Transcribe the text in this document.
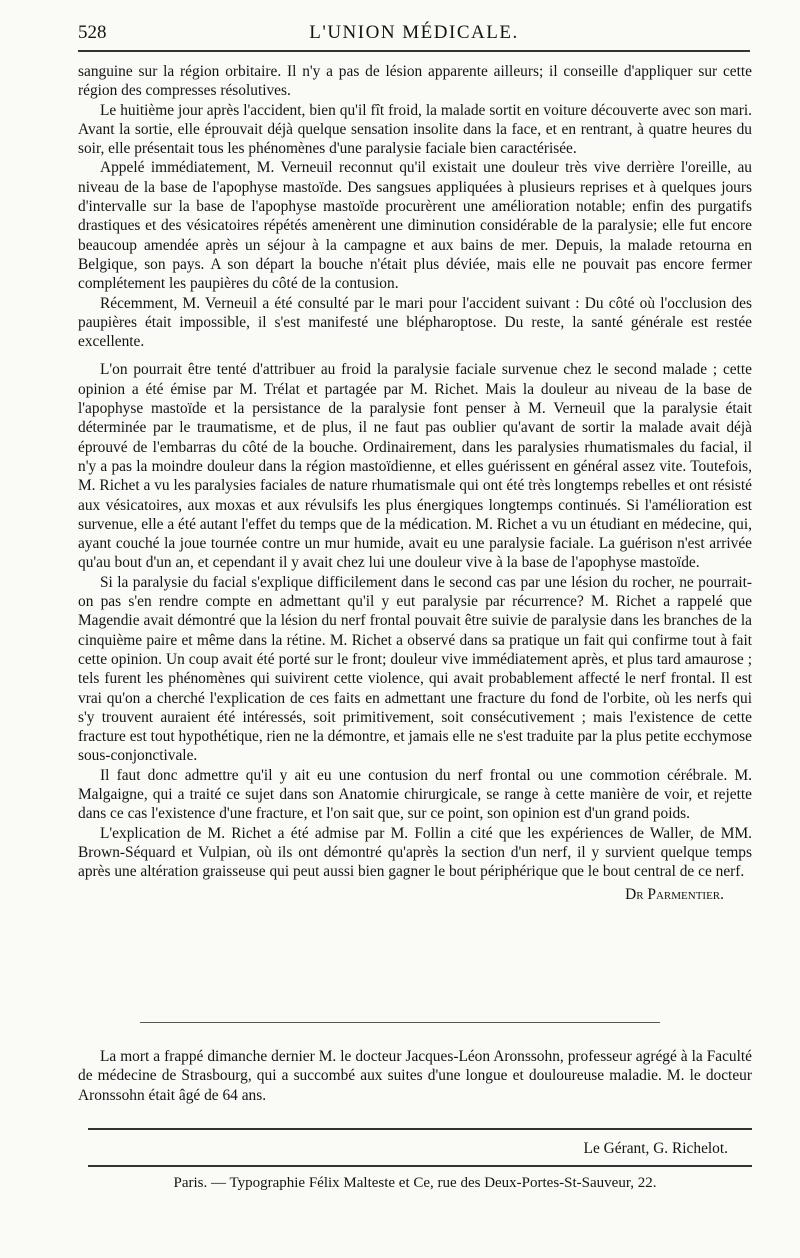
528	L'UNION MÉDICALE.

sanguine sur la région orbitaire. Il n'y a pas de lésion apparente ailleurs; il conseille d'appliquer sur cette région des compresses résolutives.

Le huitième jour après l'accident, bien qu'il fît froid, la malade sortit en voiture découverte avec son mari. Avant la sortie, elle éprouvait déjà quelque sensation insolite dans la face, et en rentrant, à quatre heures du soir, elle présentait tous les phénomènes d'une paralysie faciale bien caractérisée.

Appelé immédiatement, M. Verneuil reconnut qu'il existait une douleur très vive derrière l'oreille, au niveau de la base de l'apophyse mastoïde. Des sangsues appliquées à plusieurs reprises et à quelques jours d'intervalle sur la base de l'apophyse mastoïde procurèrent une amélioration notable; enfin des purgatifs drastiques et des vésicatoires répétés amenèrent une diminution considérable de la paralysie; elle fut encore beaucoup amendée après un séjour à la campagne et aux bains de mer. Depuis, la malade retourna en Belgique, son pays. A son départ la bouche n'était plus déviée, mais elle ne pouvait pas encore fermer complétement les paupières du côté de la contusion.

Récemment, M. Verneuil a été consulté par le mari pour l'accident suivant : Du côté où l'occlusion des paupières était impossible, il s'est manifesté une blépharoptose. Du reste, la santé générale est restée excellente.

L'on pourrait être tenté d'attribuer au froid la paralysie faciale survenue chez le second malade ; cette opinion a été émise par M. Trélat et partagée par M. Richet. Mais la douleur au niveau de la base de l'apophyse mastoïde et la persistance de la paralysie font penser à M. Verneuil que la paralysie était déterminée par le traumatisme, et de plus, il ne faut pas oublier qu'avant de sortir la malade avait déjà éprouvé de l'embarras du côté de la bouche. Ordinairement, dans les paralysies rhumatismales du facial, il n'y a pas la moindre douleur dans la région mastoïdienne, et elles guérissent en général assez vite. Toutefois, M. Richet a vu les paralysies faciales de nature rhumatismale qui ont été très longtemps rebelles et ont résisté aux vésicatoires, aux moxas et aux révulsifs les plus énergiques longtemps continués. Si l'amélioration est survenue, elle a été autant l'effet du temps que de la médication. M. Richet a vu un étudiant en médecine, qui, ayant couché la joue tournée contre un mur humide, avait eu une paralysie faciale. La guérison n'est arrivée qu'au bout d'un an, et cependant il y avait chez lui une douleur vive à la base de l'apophyse mastoïde.

Si la paralysie du facial s'explique difficilement dans le second cas par une lésion du rocher, ne pourrait-on pas s'en rendre compte en admettant qu'il y eut paralysie par récurrence? M. Richet a rappelé que Magendie avait démontré que la lésion du nerf frontal pouvait être suivie de paralysie dans les branches de la cinquième paire et même dans la rétine. M. Richet a observé dans sa pratique un fait qui confirme tout à fait cette opinion. Un coup avait été porté sur le front; douleur vive immédiatement après, et plus tard amaurose ; tels furent les phénomènes qui suivirent cette violence, qui avait probablement affecté le nerf frontal. Il est vrai qu'on a cherché l'explication de ces faits en admettant une fracture du fond de l'orbite, où les nerfs qui s'y trouvent auraient été intéressés, soit primitivement, soit consécutivement ; mais l'existence de cette fracture est tout hypothétique, rien ne la démontre, et jamais elle ne s'est traduite par la plus petite ecchymose sous-conjonctivale.

Il faut donc admettre qu'il y ait eu une contusion du nerf frontal ou une commotion cérébrale. M. Malgaigne, qui a traité ce sujet dans son Anatomie chirurgicale, se range à cette manière de voir, et rejette dans ce cas l'existence d'une fracture, et l'on sait que, sur ce point, son opinion est d'un grand poids.

L'explication de M. Richet a été admise par M. Follin a cité que les expériences de Waller, de MM. Brown-Séquard et Vulpian, où ils ont démontré qu'après la section d'un nerf, il y survient quelque temps après une altération graisseuse qui peut aussi bien gagner le bout périphérique que le bout central de ce nerf.

Dr Parmentier.

La mort a frappé dimanche dernier M. le docteur Jacques-Léon Aronssohn, professeur agrégé à la Faculté de médecine de Strasbourg, qui a succombé aux suites d'une longue et douloureuse maladie. M. le docteur Aronssohn était âgé de 64 ans.

Le Gérant, G. Richelot.
Paris. — Typographie Félix Malteste et Ce, rue des Deux-Portes-St-Sauveur, 22.
